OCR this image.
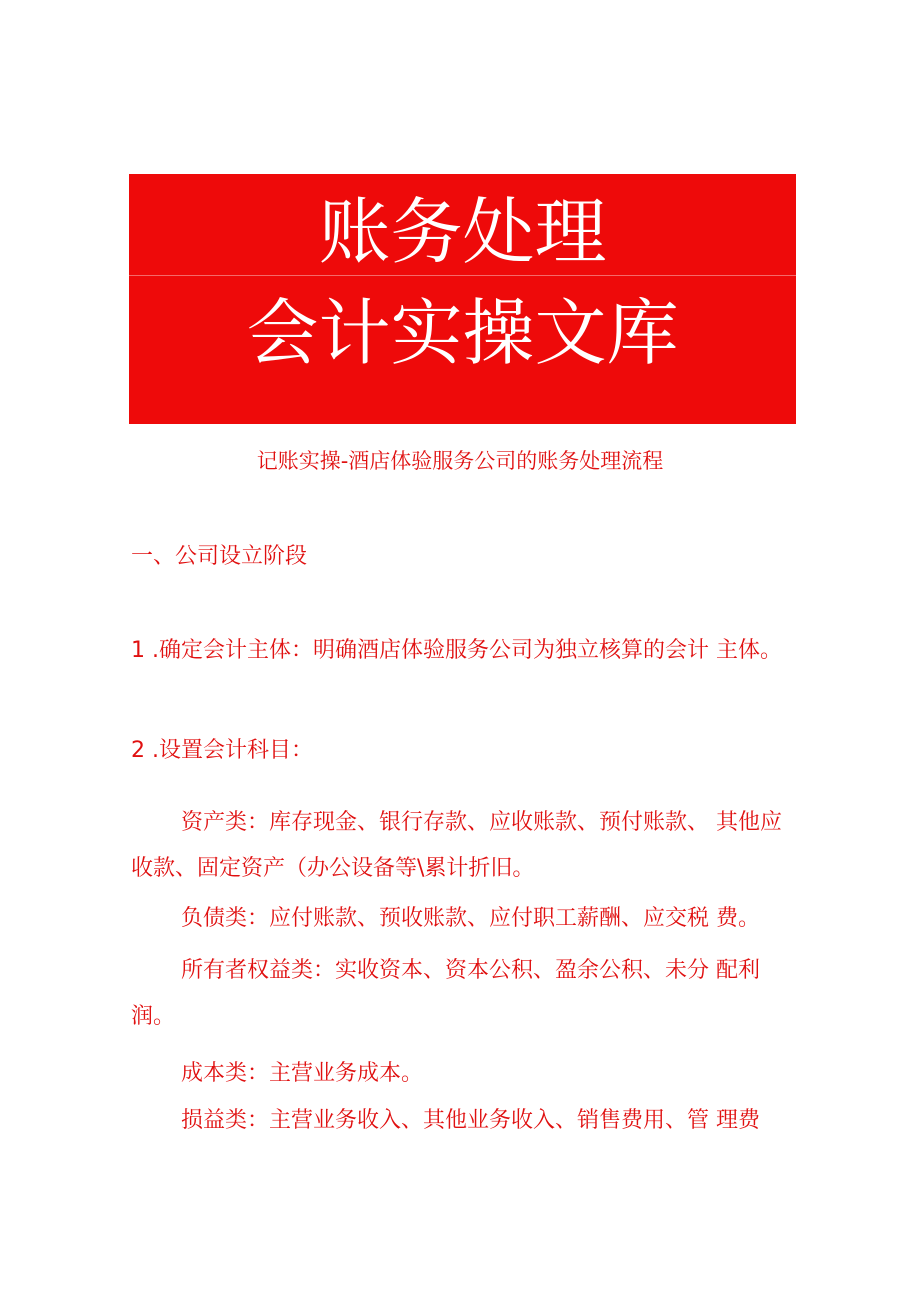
账务处理
会计实操文库
记账实操-酒店体验服务公司的账务处理流程
一、公司设立阶段

1 .确定会计主体：明确酒店体验服务公司为独立核算的会计 主体。

2 .设置会计科目：

资产类：库存现金、银行存款、应收账款、预付账款、 其他应收款、固定资产（办公设备等\累计折旧。

负债类：应付账款、预收账款、应付职工薪酬、应交税 费。

所有者权益类：实收资本、资本公积、盈余公积、未分 配利润。

成本类：主营业务成本。

损益类：主营业务收入、其他业务收入、销售费用、管 理费
